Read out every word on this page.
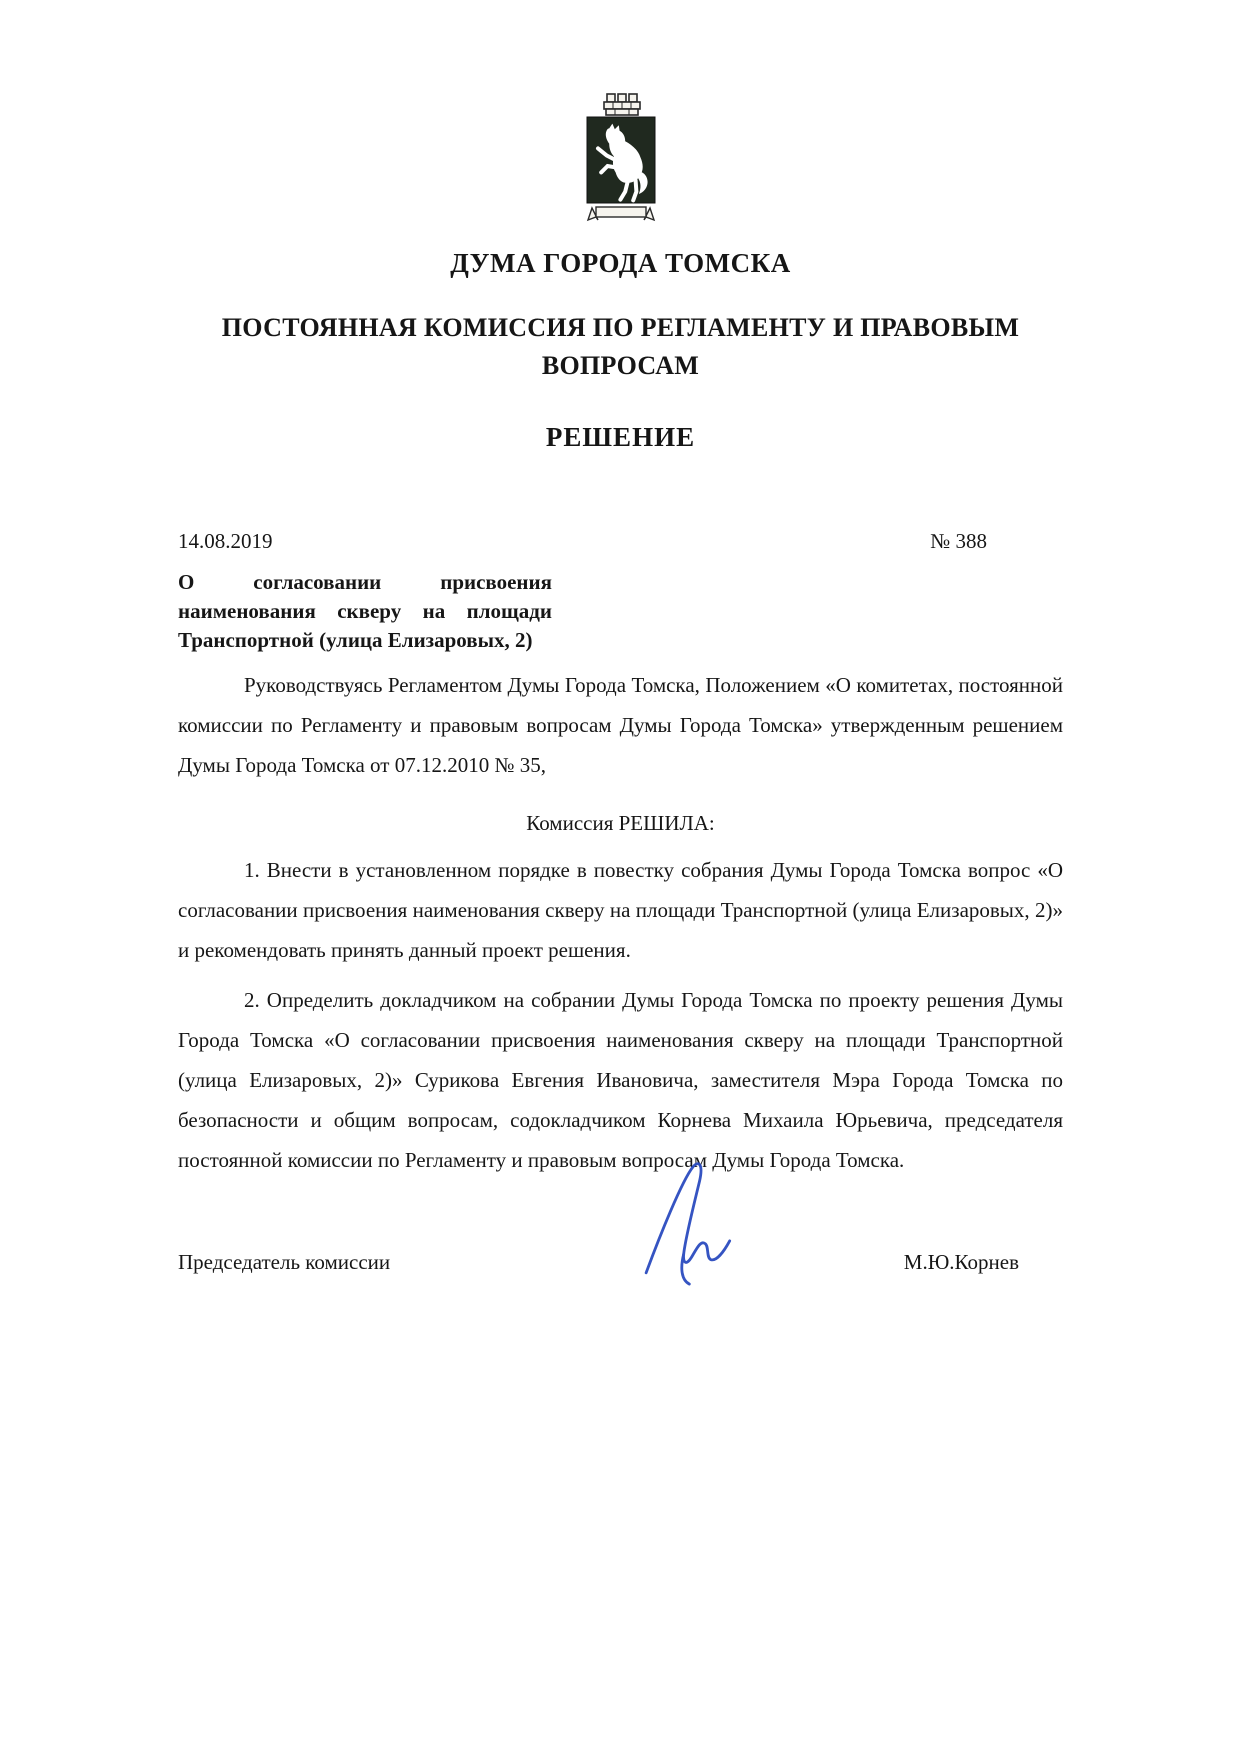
ДУМА ГОРОДА ТОМСКА
ПОСТОЯННАЯ КОМИССИЯ ПО РЕГЛАМЕНТУ И ПРАВОВЫМ ВОПРОСАМ
РЕШЕНИЕ
14.08.2019	№ 388
О согласовании присвоения наименования скверу на площади Транспортной (улица Елизаровых, 2)

Руководствуясь Регламентом Думы Города Томска, Положением «О комитетах, постоянной комиссии по Регламенту и правовым вопросам Думы Города Томска» утвержденным решением Думы Города Томска от 07.12.2010 № 35,

Комиссия РЕШИЛА:

1. Внести в установленном порядке в повестку собрания Думы Города Томска вопрос «О согласовании присвоения наименования скверу на площади Транспортной (улица Елизаровых, 2)» и рекомендовать принять данный проект решения.

2. Определить докладчиком на собрании Думы Города Томска по проекту решения Думы Города Томска «О согласовании присвоения наименования скверу на площади Транспортной (улица Елизаровых, 2)» Сурикова Евгения Ивановича, заместителя Мэра Города Томска по безопасности и общим вопросам, содокладчиком Корнева Михаила Юрьевича, председателя постоянной комиссии по Регламенту и правовым вопросам Думы Города Томска.

Председатель комиссии	М.Ю.Корнев
